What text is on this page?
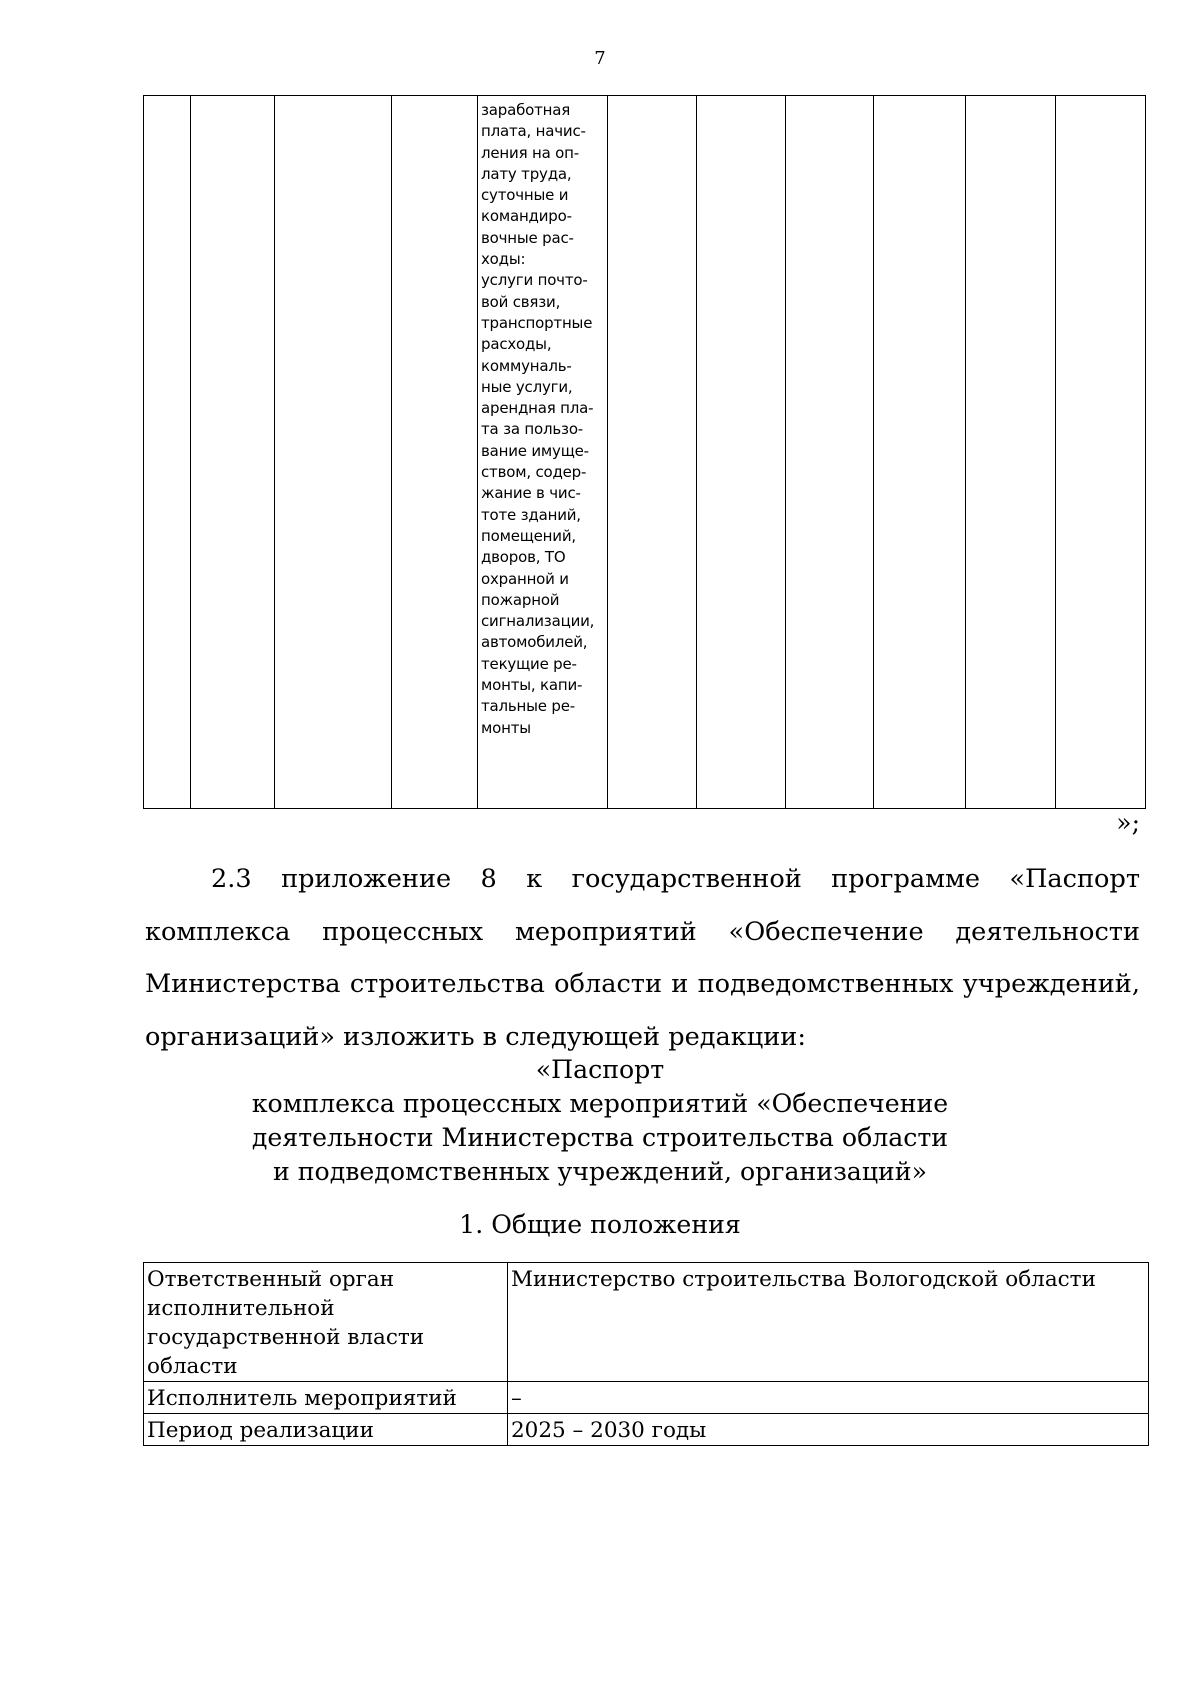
7
				заработная
плата, начис-
ления на оп-
лату труда,
суточные и
командиро-
вочные рас-
ходы:
услуги почто-
вой связи,
транспортные
расходы,
коммуналь-
ные услуги,
арендная пла-
та за пользо-
вание имуще-
ством, содер-
жание в чис-
тоте зданий,
помещений,
дворов, ТО
охранной и
пожарной
сигнализации,
автомобилей,
текущие ре-
монты, капи-
тальные ре-
монты						
»;
2.3 приложение 8 к государственной программе «Паспорт комплекса процессных мероприятий «Обеспечение деятельности Министерства строительства области и подведомственных учреждений, организаций» изложить в следующей редакции:
«Паспорт
комплекса процессных мероприятий «Обеспечение
деятельности Министерства строительства области
и подведомственных учреждений, организаций»
1. Общие положения
Ответственный орган исполнительной государственной власти области	Министерство строительства Вологодской области
Исполнитель мероприятий	–
Период реализации	2025 – 2030 годы
